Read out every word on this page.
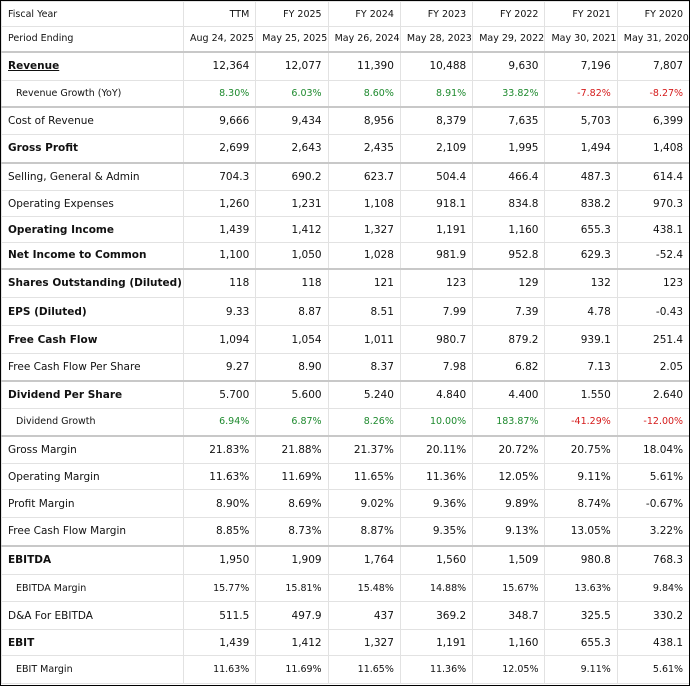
Fiscal Year	TTM	FY 2025	FY 2024	FY 2023	FY 2022	FY 2021	FY 2020
Period Ending	Aug 24, 2025	May 25, 2025	May 26, 2024	May 28, 2023	May 29, 2022	May 30, 2021	May 31, 2020
Revenue	12,364	12,077	11,390	10,488	9,630	7,196	7,807
Revenue Growth (YoY)	8.30%	6.03%	8.60%	8.91%	33.82%	-7.82%	-8.27%
Cost of Revenue	9,666	9,434	8,956	8,379	7,635	5,703	6,399
Gross Profit	2,699	2,643	2,435	2,109	1,995	1,494	1,408
Selling, General & Admin	704.3	690.2	623.7	504.4	466.4	487.3	614.4
Operating Expenses	1,260	1,231	1,108	918.1	834.8	838.2	970.3
Operating Income	1,439	1,412	1,327	1,191	1,160	655.3	438.1
Net Income to Common	1,100	1,050	1,028	981.9	952.8	629.3	-52.4
Shares Outstanding (Diluted)	118	118	121	123	129	132	123
EPS (Diluted)	9.33	8.87	8.51	7.99	7.39	4.78	-0.43
Free Cash Flow	1,094	1,054	1,011	980.7	879.2	939.1	251.4
Free Cash Flow Per Share	9.27	8.90	8.37	7.98	6.82	7.13	2.05
Dividend Per Share	5.700	5.600	5.240	4.840	4.400	1.550	2.640
Dividend Growth	6.94%	6.87%	8.26%	10.00%	183.87%	-41.29%	-12.00%
Gross Margin	21.83%	21.88%	21.37%	20.11%	20.72%	20.75%	18.04%
Operating Margin	11.63%	11.69%	11.65%	11.36%	12.05%	9.11%	5.61%
Profit Margin	8.90%	8.69%	9.02%	9.36%	9.89%	8.74%	-0.67%
Free Cash Flow Margin	8.85%	8.73%	8.87%	9.35%	9.13%	13.05%	3.22%
EBITDA	1,950	1,909	1,764	1,560	1,509	980.8	768.3
EBITDA Margin	15.77%	15.81%	15.48%	14.88%	15.67%	13.63%	9.84%
D&A For EBITDA	511.5	497.9	437	369.2	348.7	325.5	330.2
EBIT	1,439	1,412	1,327	1,191	1,160	655.3	438.1
EBIT Margin	11.63%	11.69%	11.65%	11.36%	12.05%	9.11%	5.61%
